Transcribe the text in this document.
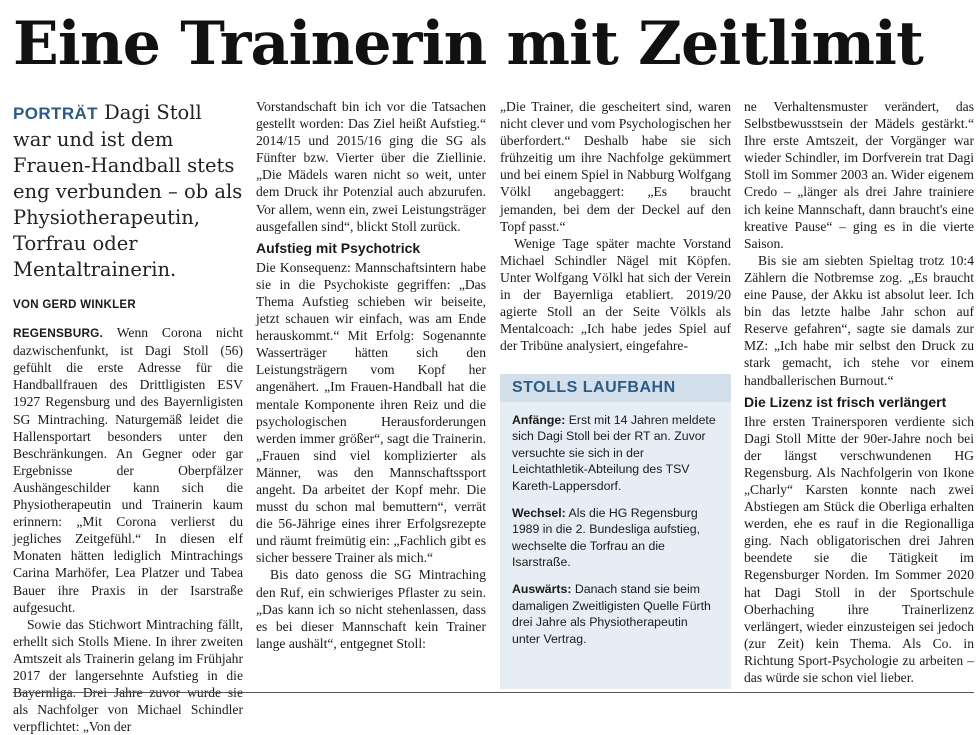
Eine Trainerin mit Zeitlimit

PORTRÄT Dagi Stoll war und ist dem Frauen-Handball stets eng verbunden – ob als Physiotherapeutin, Torfrau oder Mentaltrainerin.

VON GERD WINKLER

REGENSBURG. Wenn Corona nicht dazwischenfunkt, ist Dagi Stoll (56) gefühlt die erste Adresse für die Handballfrauen des Drittligisten ESV 1927 Regensburg und des Bayernligisten SG Mintraching. Naturgemäß leidet die Hallensportart besonders unter den Beschränkungen. An Gegner oder gar Ergebnisse der Oberpfälzer Aushängeschilder kann sich die Physiotherapeutin und Trainerin kaum erinnern: „Mit Corona verlierst du jegliches Zeitgefühl.“ In diesen elf Monaten hätten lediglich Mintrachings Carina Marhöfer, Lea Platzer und Tabea Bauer ihre Praxis in der Isarstraße aufgesucht.

Sowie das Stichwort Mintraching fällt, erhellt sich Stolls Miene. In ihrer zweiten Amtszeit als Trainerin gelang im Frühjahr 2017 der langersehnte Aufstieg in die Bayernliga. Drei Jahre zuvor wurde sie als Nachfolger von Michael Schindler verpflichtet: „Von der

Vorstandschaft bin ich vor die Tatsachen gestellt worden: Das Ziel heißt Aufstieg.“ 2014/15 und 2015/16 ging die SG als Fünfter bzw. Vierter über die Ziellinie. „Die Mädels waren nicht so weit, unter dem Druck ihr Potenzial auch abzurufen. Vor allem, wenn ein, zwei Leistungsträger ausgefallen sind“, blickt Stoll zurück.

Aufstieg mit Psychotrick

Die Konsequenz: Mannschaftsintern habe sie in die Psychokiste gegriffen: „Das Thema Aufstieg schieben wir beiseite, jetzt schauen wir einfach, was am Ende herauskommt.“ Mit Erfolg: Sogenannte Wasserträger hätten sich den Leistungsträgern vom Kopf her angenähert. „Im Frauen-Handball hat die mentale Komponente ihren Reiz und die psychologischen Herausforderungen werden immer größer“, sagt die Trainerin. „Frauen sind viel komplizierter als Männer, was den Mannschaftssport angeht. Da arbeitet der Kopf mehr. Die musst du schon mal bemuttern“, verrät die 56-Jährige eines ihrer Erfolgsrezepte und räumt freimütig ein: „Fachlich gibt es sicher bessere Trainer als mich.“

Bis dato genoss die SG Mintraching den Ruf, ein schwieriges Pflaster zu sein. „Das kann ich so nicht stehenlassen, dass es bei dieser Mannschaft kein Trainer lange aushält“, entgegnet Stoll:

„Die Trainer, die gescheitert sind, waren nicht clever und vom Psychologischen her überfordert.“ Deshalb habe sie sich frühzeitig um ihre Nachfolge gekümmert und bei einem Spiel in Nabburg Wolfgang Völkl angebaggert: „Es braucht jemanden, bei dem der Deckel auf den Topf passt.“

Wenige Tage später machte Vorstand Michael Schindler Nägel mit Köpfen. Unter Wolfgang Völkl hat sich der Verein in der Bayernliga etabliert. 2019/20 agierte Stoll an der Seite Völkls als Mentalcoach: „Ich habe jedes Spiel auf der Tribüne analysiert, eingefahre-

STOLLS LAUFBAHN
Anfänge: Erst mit 14 Jahren meldete sich Dagi Stoll bei der RT an. Zuvor versuchte sie sich in der Leichtathletik-Abteilung des TSV Kareth-Lappersdorf.
Wechsel: Als die HG Regensburg 1989 in die 2. Bundesliga aufstieg, wechselte die Torfrau an die Isarstraße.
Auswärts: Danach stand sie beim damaligen Zweitligisten Quelle Fürth drei Jahre als Physiotherapeutin unter Vertrag.

ne Verhaltensmuster verändert, das Selbstbewusstsein der Mädels gestärkt.“ Ihre erste Amtszeit, der Vorgänger war wieder Schindler, im Dorfverein trat Dagi Stoll im Sommer 2003 an. Wider eigenem Credo – „länger als drei Jahre trainiere ich keine Mannschaft, dann braucht's eine kreative Pause“ – ging es in die vierte Saison.

Bis sie am siebten Spieltag trotz 10:4 Zählern die Notbremse zog. „Es braucht eine Pause, der Akku ist absolut leer. Ich bin das letzte halbe Jahr schon auf Reserve gefahren“, sagte sie damals zur MZ: „Ich habe mir selbst den Druck zu stark gemacht, ich stehe vor einem handballerischen Burnout.“

Die Lizenz ist frisch verlängert

Ihre ersten Trainersporen verdiente sich Dagi Stoll Mitte der 90er-Jahre noch bei der längst verschwundenen HG Regensburg. Als Nachfolgerin von Ikone „Charly“ Karsten konnte nach zwei Abstiegen am Stück die Oberliga erhalten werden, ehe es rauf in die Regionalliga ging. Nach obligatorischen drei Jahren beendete sie die Tätigkeit im Regensburger Norden. Im Sommer 2020 hat Dagi Stoll in der Sportschule Oberhaching ihre Trainerlizenz verlängert, wieder einzusteigen sei jedoch (zur Zeit) kein Thema. Als Co. in Richtung Sport-Psychologie zu arbeiten – das würde sie schon viel lieber.
